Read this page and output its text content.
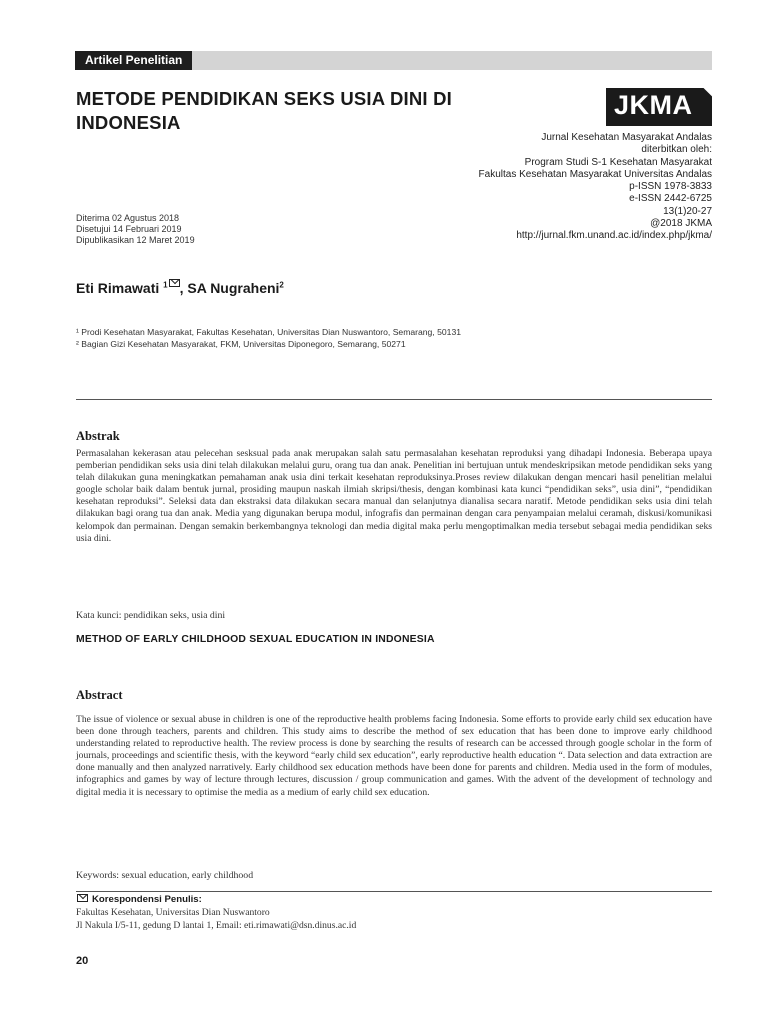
Artikel Penelitian
METODE PENDIDIKAN SEKS USIA DINI DI INDONESIA
JKMA
Jurnal Kesehatan Masyarakat Andalas
diterbitkan oleh:
Program Studi S-1 Kesehatan Masyarakat
Fakultas Kesehatan Masyarakat Universitas Andalas
p-ISSN 1978-3833
e-ISSN 2442-6725
13(1)20-27
@2018 JKMA
http://jurnal.fkm.unand.ac.id/index.php/jkma/
Diterima 02 Agustus 2018
Disetujui 14 Februari 2019
Dipublikasikan 12 Maret 2019
Eti Rimawati $^1$ , SA Nugraheni$^2$
¹ Prodi Kesehatan Masyarakat, Fakultas Kesehatan, Universitas Dian Nuswantoro, Semarang, 50131
² Bagian Gizi Kesehatan Masyarakat, FKM, Universitas Diponegoro, Semarang, 50271
Abstrak
Permasalahan kekerasan atau pelecehan sesksual pada anak merupakan salah satu permasalahan kesehatan reproduksi yang dihadapi Indonesia. Beberapa upaya pemberian pendidikan seks usia dini telah dilakukan melalui guru, orang tua dan anak. Penelitian ini bertujuan untuk mendeskripsikan metode pendidikan seks yang telah dilakukan guna meningkatkan pemahaman anak usia dini terkait kesehatan reproduksinya.Proses review dilakukan dengan mencari hasil penelitian melalui google scholar baik dalam bentuk jurnal, prosiding maupun naskah ilmiah skripsi/thesis, dengan kombinasi kata kunci “pendidikan seks”, usia dini”, “pendidikan kesehatan reproduksi”. Seleksi data dan ekstraksi data dilakukan secara manual dan selanjutnya dianalisa secara naratif. Metode pendidikan seks usia dini telah dilakukan bagi orang tua dan anak. Media yang digunakan berupa modul, infografis dan permainan dengan cara penyampaian melalui ceramah, diskusi/komunikasi kelompok dan permainan. Dengan semakin berkembangnya teknologi dan media digital maka perlu mengoptimalkan media tersebut sebagai media pendidikan seks usia dini.
Kata kunci: pendidikan seks, usia dini
METHOD OF EARLY CHILDHOOD SEXUAL EDUCATION IN INDONESIA
Abstract
The issue of violence or sexual abuse in children is one of the reproductive health problems facing Indonesia. Some efforts to provide early child sex education have been done through teachers, parents and children. This study aims to describe the method of sex education that has been done to improve early childhood understanding related to reproductive health. The review process is done by searching the results of research can be accessed through google scholar in the form of journals, proceedings and scientific thesis, with the keyword “early child sex education”, early reproductive health education “. Data selection and data extraction are done manually and then analyzed narratively. Early childhood sex education methods have been done for parents and children. Media used in the form of modules, infographics and games by way of lecture through lectures, discussion / group communication and games. With the advent of the development of technology and digital media it is necessary to optimise the media as a medium of early child sex education.
Keywords: sexual education, early childhood
Korespondensi Penulis:
Fakultas Kesehatan, Universitas Dian Nuswantoro
Jl Nakula I/5-11, gedung D lantai 1, Email: eti.rimawati@dsn.dinus.ac.id
20
